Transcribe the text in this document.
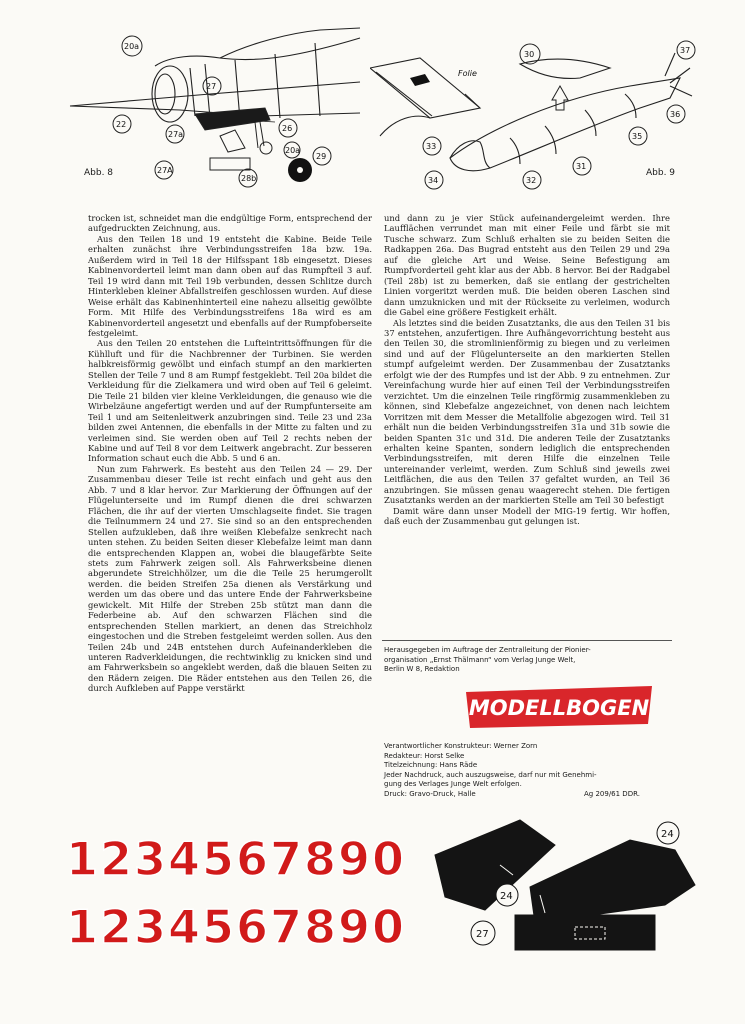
20a
27
22
27a
26
20a
29
27A
28b
Abb. 8
Folie
30	37
36
35
33
34	32
31
Abb. 9

trocken ist, schneidet man die endgültige Form, entsprechend der aufgedruckten Zeichnung, aus.

Aus den Teilen 18 und 19 entsteht die Kabine. Beide Teile erhalten zunächst ihre Verbindungsstreifen 18a bzw. 19a. Außerdem wird in Teil 18 der Hilfsspant 18b eingesetzt. Dieses Kabinenvorderteil leimt man dann oben auf das Rumpfteil 3 auf. Teil 19 wird dann mit Teil 19b verbunden, dessen Schlitze durch Hinterkleben kleiner Abfallstreifen geschlossen wurden. Auf diese Weise erhält das Kabinenhinterteil eine nahezu allseitig gewölbte Form. Mit Hilfe des Verbindungsstreifens 18a wird es am Kabinenvorderteil angesetzt und ebenfalls auf der Rumpfoberseite festgeleimt.

Aus den Teilen 20 entstehen die Lufteintrittsöffnungen für die Kühlluft und für die Nachbrenner der Turbinen. Sie werden halbkreisförmig gewölbt und einfach stumpf an den markierten Stellen der Teile 7 und 8 am Rumpf festgeklebt. Teil 20a bildet die Verkleidung für die Zielkamera und wird oben auf Teil 6 geleimt. Die Teile 21 bilden vier kleine Verkleidungen, die genauso wie die Wirbelzäune angefertigt werden und auf der Rumpfunterseite am Teil 1 und am Seitenleitwerk anzubringen sind. Teile 23 und 23a bilden zwei Antennen, die ebenfalls in der Mitte zu falten und zu verleimen sind. Sie werden oben auf Teil 2 rechts neben der Kabine und auf Teil 8 vor dem Leitwerk angebracht. Zur besseren Information schaut euch die Abb. 5 und 6 an.

Nun zum Fahrwerk. Es besteht aus den Teilen 24 — 29. Der Zusammenbau dieser Teile ist recht einfach und geht aus den Abb. 7 und 8 klar hervor. Zur Markierung der Öffnungen auf der Flügelunterseite und im Rumpf dienen die drei schwarzen Flächen, die ihr auf der vierten Umschlagseite findet. Sie tragen die Teilnummern 24 und 27. Sie sind so an den entsprechenden Stellen aufzukleben, daß ihre weißen Klebefalze senkrecht nach unten stehen. Zu beiden Seiten dieser Klebefalze leimt man dann die entsprechenden Klappen an, wobei die blaugefärbte Seite stets zum Fahrwerk zeigen soll. Als Fahrwerksbeine dienen abgerundete Streichhölzer, um die die Teile 25 herumgerollt werden. die beiden Streifen 25a dienen als Verstärkung und werden um das obere und das untere Ende der Fahrwerksbeine gewickelt. Mit Hilfe der Streben 25b stützt man dann die Federbeine ab. Auf den schwarzen Flächen sind die entsprechenden Stellen markiert, an denen das Streichholz eingestochen und die Streben festgeleimt werden sollen. Aus den Teilen 24b und 24B entstehen durch Aufeinanderkleben die unteren Radverkleidungen, die rechtwinklig zu knicken sind und am Fahrwerksbein so angeklebt werden, daß die blauen Seiten zu den Rädern zeigen. Die Räder entstehen aus den Teilen 26, die durch Aufkleben auf Pappe verstärkt

und dann zu je vier Stück aufeinandergeleimt werden. Ihre Laufflächen verrundet man mit einer Feile und färbt sie mit Tusche schwarz. Zum Schluß erhalten sie zu beiden Seiten die Radkappen 26a. Das Bugrad entsteht aus den Teilen 29 und 29a auf die gleiche Art und Weise. Seine Befestigung am Rumpfvorderteil geht klar aus der Abb. 8 hervor. Bei der Radgabel (Teil 28b) ist zu bemerken, daß sie entlang der gestrichelten Linien vorgeritzt werden muß. Die beiden oberen Laschen sind dann umzuknicken und mit der Rückseite zu verleimen, wodurch die Gabel eine größere Festigkeit erhält.

Als letztes sind die beiden Zusatztanks, die aus den Teilen 31 bis 37 entstehen, anzufertigen. Ihre Aufhängevorrichtung besteht aus den Teilen 30, die stromlinienförmig zu biegen und zu verleimen sind und auf der Flügelunterseite an den markierten Stellen stumpf aufgeleimt werden. Der Zusammenbau der Zusatztanks erfolgt wie der des Rumpfes und ist der Abb. 9 zu entnehmen. Zur Vereinfachung wurde hier auf einen Teil der Verbindungsstreifen verzichtet. Um die einzelnen Teile ringförmig zusammenkleben zu können, sind Klebefalze angezeichnet, von denen nach leichtem Vorritzen mit dem Messer die Metallfolie abgezogen wird. Teil 31 erhält nun die beiden Verbindungsstreifen 31a und 31b sowie die beiden Spanten 31c und 31d. Die anderen Teile der Zusatztanks erhalten keine Spanten, sondern lediglich die entsprechenden Verbindungsstreifen, mit deren Hilfe die einzelnen Teile untereinander verleimt, werden. Zum Schluß sind jeweils zwei Leitflächen, die aus den Teilen 37 gefaltet wurden, an Teil 36 anzubringen. Sie müssen genau waagerecht stehen. Die fertigen Zusatztanks werden an der markierten Stelle am Teil 30 befestigt

Damit wäre dann unser Modell der MIG-19 fertig. Wir hoffen, daß euch der Zusammenbau gut gelungen ist.

Herausgegeben im Auftrage der Zentralleitung der Pionier-
organisation „Ernst Thälmann“ vom Verlag Junge Welt,
Berlin W 8, Redaktion
MODELLBOGEN
Verantwortlicher Konstrukteur: Werner Zorn
Redakteur: Horst Selke
Titelzeichnung: Hans Räde
Jeder Nachdruck, auch auszugsweise, darf nur mit Genehmi-
gung des Verlages Junge Welt erfolgen.
Druck: Gravo-Druck, Halle	Ag 209/61 DDR.
1234567890
1234567890
24
24
27
